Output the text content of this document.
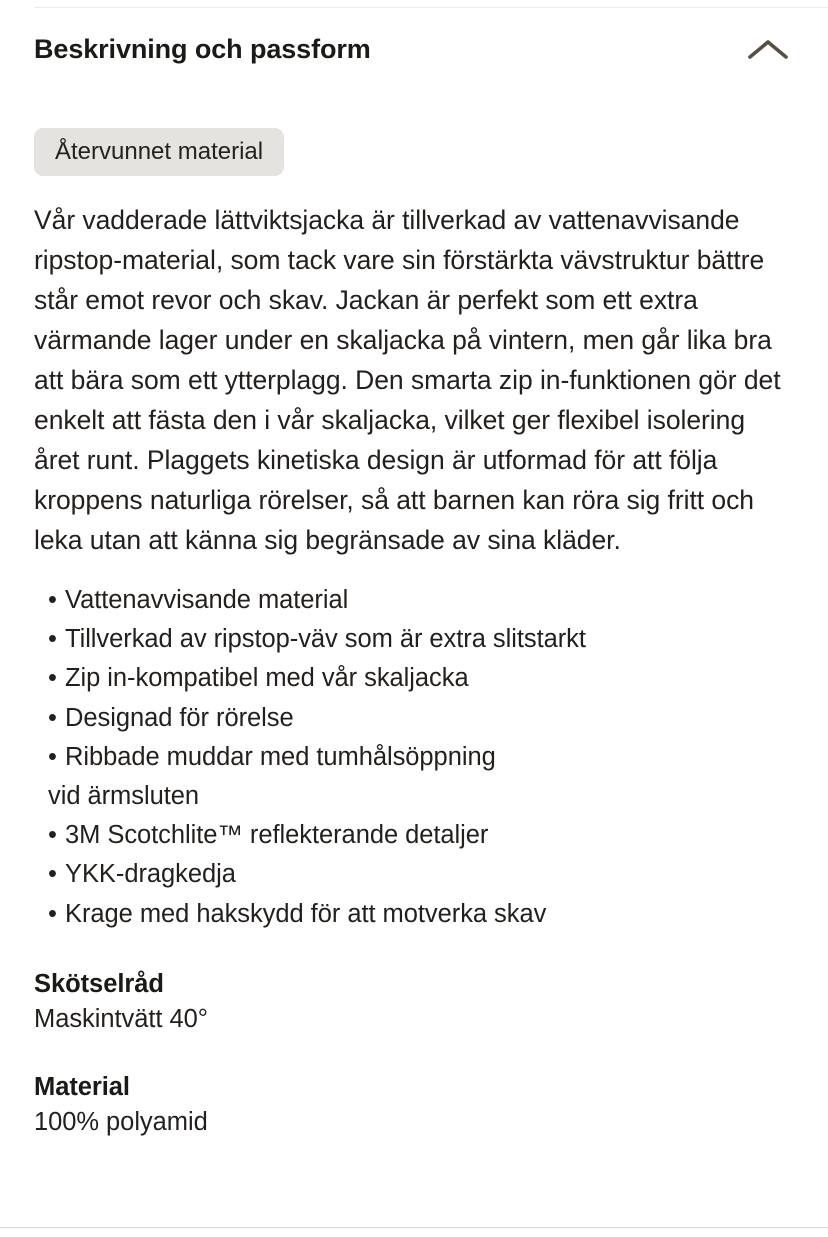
Beskrivning och passform
Återvunnet material

Vår vadderade lättviktsjacka är tillverkad av vattenavvisande ripstop-material, som tack vare sin förstärkta vävstruktur bättre står emot revor och skav. Jackan är perfekt som ett extra värmande lager under en skaljacka på vintern, men går lika bra att bära som ett ytterplagg. Den smarta zip in-funktionen gör det enkelt att fästa den i vår skaljacka, vilket ger flexibel isolering året runt. Plaggets kinetiska design är utformad för att följa kroppens naturliga rörelser, så att barnen kan röra sig fritt och leka utan att känna sig begränsade av sina kläder.

• Vattenavvisande material
• Tillverkad av ripstop-väv som är extra slitstarkt
• Zip in-kompatibel med vår skaljacka
• Designad för rörelse
• Ribbade muddar med tumhålsöppning
vid ärmsluten
• 3M Scotchlite™ reflekterande detaljer
• YKK-dragkedja
• Krage med hakskydd för att motverka skav
Skötselråd
Maskintvätt 40°
Material
100% polyamid
